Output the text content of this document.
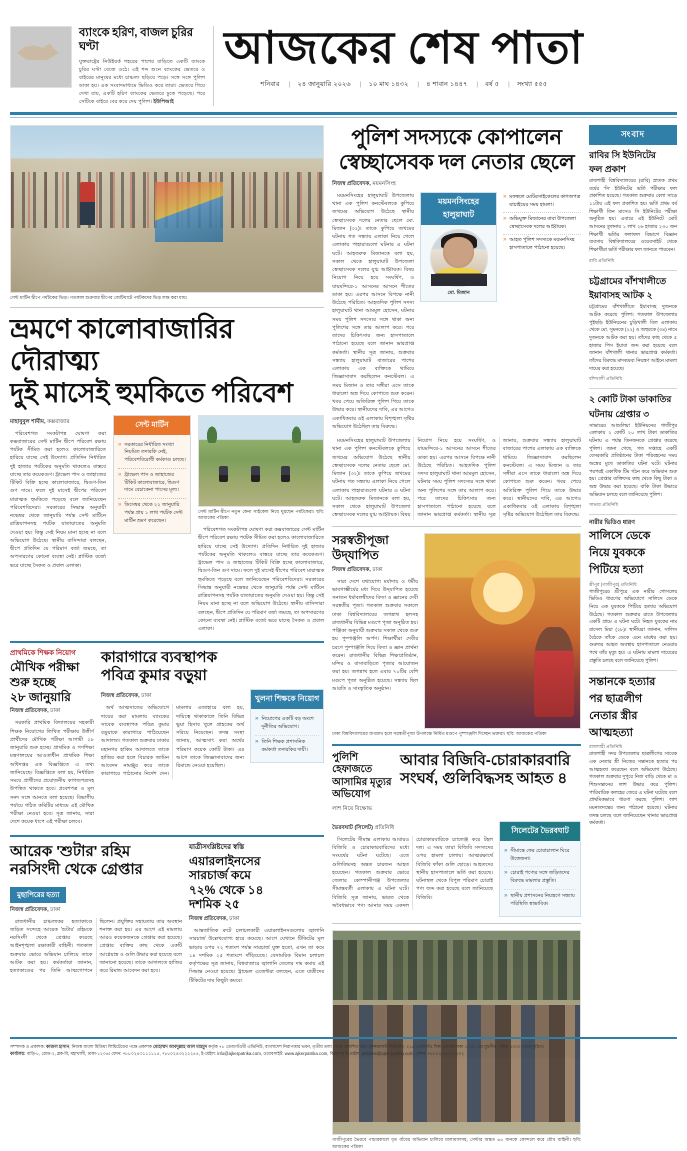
ব্যাংকে হরিণ, বাজল চুরির ঘণ্টা
যুক্তরাষ্ট্রের নিউইয়র্ক শহরের পাশের বাড়িতে একটি ব্যাংকে চুরির ঘণ্টা বেজে ওঠে। এই শব্দ শুনে ব্যাংকের ভেতরে ও বাইরের মানুষের মধ্যে চাঞ্চল্য ছড়িয়ে পড়ে। সঙ্গে সঙ্গে পুলিশ ডাকা হয়। এক সংবাদমাধ্যমে ভিডিও করে তারা। ভেতরে গিয়ে দেখা যায়, একটি হরিণ ব্যাংকের ভেতরে ঢুকে পড়েছে। পরে সেটিকে বাইরে বের করে দেয় পুলিশ। ইউপিআই
আজকের শেষ পাতা
শনিবার |	২৪ জানুয়ারি ২০২৬ |	১০ মাঘ ১৪৩২ |	৪ শাবান ১৪৪৭ |	বর্ষ ৫ |	সংখ্যা ৫৫৫
সেন্ট মার্টিন দ্বীপে পর্যটকের ভিড়। গতকাল শুক্রবার দ্বীপের জেটিঘাটে পর্যটকদের ভিড় লক্ষ করা যায়।
ভ্রমণে কালোবাজারির দৌরাত্ম্য
দুই মাসেই হুমকিতে পরিবেশ
মাহাবুবুল শামীম, কক্সবাজার

পরিবেশগত সংকটাপন্ন ঘোষণা করা কক্সবাজারের সেন্ট মার্টিন দ্বীপে পরিবেশ রক্ষায় পর্যটক সীমিত করা হলেও কালোবাজারিতে হারিয়ে যাচ্ছে সেই উদ্যোগ। প্রতিদিন নির্ধারিত দুই হাজার পর্যটকের অনুমতি থাকলেও বাস্তবে যাচ্ছে তার কয়েকগুণ। ট্রাভেল পাস ও জাহাজের টিকিট বিক্রি হচ্ছে কালোবাজারে, দ্বিগুণ-তিন গুণ দামে। ফলে দুই মাসেই দ্বীপের পরিবেশ মারাত্মক হুমকিতে পড়েছে বলে জানিয়েছেন পরিবেশবিদেরা। সরকারের সিদ্ধান্ত অনুযায়ী নভেম্বর থেকে জানুয়ারি পর্যন্ত সেন্ট মার্টিনে রাত্রিযাপনসহ পর্যটক যাতায়াতের অনুমতি দেওয়া হয়। কিন্তু সেই নিয়ম মানা হচ্ছে না বলে অভিযোগ উঠেছে। স্থানীয় বাসিন্দারা বলছেন, দ্বীপে প্রতিদিন যে পরিমাণ বর্জ্য জমছে, তা অপসারণের কোনো ব্যবস্থা নেই। প্লাস্টিক বর্জ্যে ভরে যাচ্ছে সৈকত ও প্রবাল এলাকা।

সেন্ট মার্টিন
» সরকারের নির্ধারিত সংখ্যা নিয়মিত তদারকি নেই, পরিবেশবিরোধী কর্মকাণ্ড চলছে।
» ট্রাভেল পাস ও জাহাজের টিকিট কালোবাজারে, দ্বিগুণ দামে বেচাকেনা পাসের মূল্য।
» ডিসেম্বর থেকে ২২ জানুয়ারি পর্যন্ত প্রায় ১ লাখ পর্যটক সেন্ট মার্টিন ভ্রমণ করেছেন।
সেন্ট মার্টিন দ্বীপে নতুন কেনা সাইকেল নিয়ে ঘুরছেন পর্যটকেরা। ছবি: আজকের পত্রিকা

পরিবেশগত সংকটাপন্ন ঘোষণা করা কক্সবাজারের সেন্ট মার্টিন দ্বীপে পরিবেশ রক্ষায় পর্যটক সীমিত করা হলেও কালোবাজারিতে হারিয়ে যাচ্ছে সেই উদ্যোগ। প্রতিদিন নির্ধারিত দুই হাজার পর্যটকের অনুমতি থাকলেও বাস্তবে যাচ্ছে তার কয়েকগুণ। ট্রাভেল পাস ও জাহাজের টিকিট বিক্রি হচ্ছে কালোবাজারে, দ্বিগুণ-তিন গুণ দামে। ফলে দুই মাসেই দ্বীপের পরিবেশ মারাত্মক হুমকিতে পড়েছে বলে জানিয়েছেন পরিবেশবিদেরা। সরকারের সিদ্ধান্ত অনুযায়ী নভেম্বর থেকে জানুয়ারি পর্যন্ত সেন্ট মার্টিনে রাত্রিযাপনসহ পর্যটক যাতায়াতের অনুমতি দেওয়া হয়। কিন্তু সেই নিয়ম মানা হচ্ছে না বলে অভিযোগ উঠেছে। স্থানীয় বাসিন্দারা বলছেন, দ্বীপে প্রতিদিন যে পরিমাণ বর্জ্য জমছে, তা অপসারণের কোনো ব্যবস্থা নেই। প্লাস্টিক বর্জ্যে ভরে যাচ্ছে সৈকত ও প্রবাল এলাকা।

প্রাথমিকে শিক্ষক নিয়োগ
মৌখিক পরীক্ষা
শুরু হচ্ছে
২৮ জানুয়ারি
নিজস্ব প্রতিবেদক, ঢাকা

সরকারি প্রাথমিক বিদ্যালয়ের সহকারী শিক্ষক নিয়োগের লিখিত পরীক্ষায় উত্তীর্ণ প্রার্থীদের মৌখিক পরীক্ষা আগামী ২৮ জানুয়ারি শুরু হচ্ছে। প্রাথমিক ও গণশিক্ষা মন্ত্রণালয়ের আওতাধীন প্রাথমিক শিক্ষা অধিদপ্তর এক বিজ্ঞপ্তিতে এ তথ্য জানিয়েছে। বিজ্ঞপ্তিতে বলা হয়, নির্ধারিত সময়ে প্রার্থীদের প্রয়োজনীয় কাগজপত্রসহ উপস্থিত থাকতে হবে। প্রবেশপত্র ও মূল সনদ সঙ্গে আনতে বলা হয়েছে। বিভাগীয় পর্যায়ে গঠিত কমিটির মাধ্যমে এই মৌখিক পরীক্ষা নেওয়া হবে। সূত্র জানায়, সারা দেশে কয়েক ধাপে এই পরীক্ষা চলবে।

কারাগারে ব্যবস্থাপক
পবিত্র কুমার বড়ুয়া
নিজস্ব প্রতিবেদক, ঢাকা

অর্থ আত্মসাতের অভিযোগে দায়ের করা মামলায় ব্যাংকের সাবেক ব্যবস্থাপক পবিত্র কুমার বড়ুয়াকে কারাগারে পাঠিয়েছেন আদালত। গতকাল শুক্রবার ঢাকার মহানগর হাকিম আদালতে তাকে হাজির করা হলে বিচারক জামিন আবেদন নামঞ্জুর করে তাকে কারাগারে পাঠানোর নির্দেশ দেন। মামলার এজাহারে বলা হয়, দায়িত্বে থাকাকালে তিনি বিভিন্ন ভুয়া হিসাব খুলে গ্রাহকের অর্থ সরিয়ে নিয়েছেন। তদন্ত সংস্থা জানায়, আত্মসাৎ করা অর্থের পরিমাণ কয়েক কোটি টাকা। এর আগে তাকে জিজ্ঞাসাবাদের জন্য রিমান্ডে নেওয়া হয়েছিল।

খুলনা শিক্ষকে নিয়োগ
» নিয়োগের একটি বড় অংশে দুর্নীতির অভিযোগ।
» তিনি শিক্ষক প্রশাসনিক কর্মকর্তা তদারকির দায়ী।
আরেক 'শুটার' রহিম
নরসিংদী থেকে গ্রেপ্তার
মুছাপিরের হত্যা
নিজস্ব প্রতিবেদক, ঢাকা

রাজধানীর চাঞ্চল্যকর হত্যাকাণ্ডে জড়িত সন্দেহে আরেক 'শুটার' রহিমকে নরসিংদী থেকে গ্রেপ্তার করেছে আইনশৃঙ্খলা রক্ষাকারী বাহিনী। গতকাল শুক্রবার ভোরে অভিযান চালিয়ে তাকে আটক করা হয়। কর্মকর্তারা জানান, হত্যাকাণ্ডের পর তিনি আত্মগোপনে ছিলেন। প্রযুক্তির সহায়তায় তার অবস্থান শনাক্ত করা হয়। এর আগে এই মামলায় আরও কয়েকজনকে গ্রেপ্তার করা হয়েছে। গ্রেপ্তার ব্যক্তির কাছ থেকে একটি আগ্নেয়াস্ত্র ও গুলি উদ্ধার করা হয়েছে বলে জানানো হয়েছে। তাকে আদালতে হাজির করে রিমান্ড আবেদন করা হবে।

যাত্রীসংশ্লিষ্টদের স্বস্তি
এয়ারলাইনসের
সারচার্জ কমে
৭২% থেকে ১৪
দশমিক ২৫
নিজস্ব প্রতিবেদক, ঢাকা

আন্তর্জাতিক রুটে চলাচলকারী এয়ারলাইনসগুলোর জ্বালানি সারচার্জ উল্লেখযোগ্য হারে কমেছে। আগে যেখানে টিকিটের মূল ভাড়ার ওপর ৭২ শতাংশ পর্যন্ত সারচার্জ যুক্ত হতো, এখন তা কমে ১৪ দশমিক ২৫ শতাংশে দাঁড়িয়েছে। বেসামরিক বিমান চলাচল কর্তৃপক্ষের সূত্র জানায়, বিশ্ববাজারে জ্বালানি তেলের দাম কমায় এই সিদ্ধান্ত নেওয়া হয়েছে। ট্রাভেল এজেন্টরা বলছেন, এতে যাত্রীদের টিকিটের দাম কিছুটা কমবে।

পুলিশ সদস্যকে কোপালেন
স্বেচ্ছাসেবক দল নেতার ছেলে
নিজস্ব প্রতিবেদক, ময়মনসিংহ

ময়মনসিংহের হালুয়াঘাট উপজেলায় থানা এক পুলিশ কনস্টেবলকে কুপিয়ে জখমের অভিযোগ উঠেছে স্থানীয় স্বেচ্ছাসেবক দলের নেতার ছেলে মো. মিজান (৩২)। তাকে কুপিয়ে জখমের ঘটনায় গত সন্ধ্যায় এলাকা নিয়ে গেলে এলাকায় পাহারাগুলো ঘটনার এ ঘটনা ঘটে। আহতরুক মিজানকে বলা হয়, সকাল থেকে হালুয়াঘাট উপজেলা স্বেচ্ছাসেবক দলের যুগ্ম আহ্বায়ক। বিষয় নিয়োগ নিয়ে হয়ে সংঘর্ষিণ, ও যায়মন্দিরে-১ আসনের আসনে শীতের ডাকা হয়। এরপর আসনে বিপক্ষে নানী উঠেছে পরিচিত। আহতদিক পুলিশ সদস্য হালুয়াঘাট থানা আমমুল হোসেন, ঘটনার সময় পুলিশ সদস্যের সঙ্গে থাকা অন্য পুলিশের সঙ্গে তার আলাপ করে। পরে তাদের চিকিৎসার জন্য হাসপাতালে পাঠানো হয়েছে বলে জানান ভারপ্রাপ্ত কর্মকর্তা। স্থানীয় সূত্র জানায়, শুক্রবার সন্ধ্যায় হালুয়াঘাট বাজারের পাশের এলাকায় এক ব্যক্তিকে থামিয়ে জিজ্ঞাসাবাদ করছিলেন কনস্টেবল। এ সময় মিজান ও তার সঙ্গীরা এসে তাকে ধারালো অস্ত্র দিয়ে কোপাতে শুরু করেন। খবর পেয়ে অতিরিক্ত পুলিশ গিয়ে তাকে উদ্ধার করে। স্থানীয়দের দাবি, এর আগেও একাধিকবার ওই এলাকায় বিশৃঙ্খলা সৃষ্টির অভিযোগ উঠেছিল তার বিরুদ্ধে।

ময়মনসিংহের হালুয়াঘাট
মো. মিজান
» মফস্বলে মোটরসাইকেলের কাগজপত্র যাচাইয়ের সময় হামলা।
» অভিযুক্ত মিজানের বাবা উপজেলা স্বেচ্ছাসেবক দলের আহ্বায়ক।
» আহত পুলিশ সদস্যকে ময়মনসিংহ হাসপাতালে পাঠানো হয়েছে।

ময়মনসিংহের হালুয়াঘাট উপজেলায় থানা এক পুলিশ কনস্টেবলকে কুপিয়ে জখমের অভিযোগ উঠেছে স্থানীয় স্বেচ্ছাসেবক দলের নেতার ছেলে মো. মিজান (৩২)। তাকে কুপিয়ে জখমের ঘটনায় গত সন্ধ্যায় এলাকা নিয়ে গেলে এলাকায় পাহারাগুলো ঘটনার এ ঘটনা ঘটে। আহতরুক মিজানকে বলা হয়, সকাল থেকে হালুয়াঘাট উপজেলা স্বেচ্ছাসেবক দলের যুগ্ম আহ্বায়ক। বিষয় নিয়োগ নিয়ে হয়ে সংঘর্ষিণ, ও যায়মন্দিরে-১ আসনের আসনে শীতের ডাকা হয়। এরপর আসনে বিপক্ষে নানী উঠেছে পরিচিত। আহতদিক পুলিশ সদস্য হালুয়াঘাট থানা আমমুল হোসেন, ঘটনার সময় পুলিশ সদস্যের সঙ্গে থাকা অন্য পুলিশের সঙ্গে তার আলাপ করে। পরে তাদের চিকিৎসার জন্য হাসপাতালে পাঠানো হয়েছে বলে জানান ভারপ্রাপ্ত কর্মকর্তা। স্থানীয় সূত্র জানায়, শুক্রবার সন্ধ্যায় হালুয়াঘাট বাজারের পাশের এলাকায় এক ব্যক্তিকে থামিয়ে জিজ্ঞাসাবাদ করছিলেন কনস্টেবল। এ সময় মিজান ও তার সঙ্গীরা এসে তাকে ধারালো অস্ত্র দিয়ে কোপাতে শুরু করেন। খবর পেয়ে অতিরিক্ত পুলিশ গিয়ে তাকে উদ্ধার করে। স্থানীয়দের দাবি, এর আগেও একাধিকবার ওই এলাকায় বিশৃঙ্খলা সৃষ্টির অভিযোগ উঠেছিল তার বিরুদ্ধে।

সরস্বতীপূজা
উদ্‌যাপিত
নিজস্ব প্রতিবেদক, ঢাকা

সারা দেশে যথাযোগ্য মর্যাদায় ও ধর্মীয় ভাবগাম্ভীর্যের মধ্য দিয়ে উদ্‌যাপিত হয়েছে সনাতন ধর্মাবলম্বীদের বিদ্যা ও জ্ঞানের দেবী সরস্বতীর পূজা। গতকাল শুক্রবার সকালে ঢাকা বিশ্ববিদ্যালয়ের জগন্নাথ হলসহ রাজধানীর বিভিন্ন মণ্ডপে পূজা অনুষ্ঠিত হয়। পঞ্জিকা অনুযায়ী শুক্রবার সকাল থেকে শুরু হয় পুষ্পাঞ্জলি অর্পণ। শিক্ষার্থীরা দেবীর চরণে পুষ্পাঞ্জলি দিয়ে বিদ্যা ও জ্ঞান প্রার্থনা করেন। রাজধানীর বিভিন্ন শিক্ষাপ্রতিষ্ঠান, মন্দির ও বাসাবাড়িতে পূজার আয়োজন করা হয়। জগন্নাথ হলে এবার ৭০টির বেশি মণ্ডপে পূজা অনুষ্ঠিত হয়েছে। সন্ধ্যায় ছিল আরতি ও সাংস্কৃতিক অনুষ্ঠান।

ঢাকা বিশ্ববিদ্যালয়ের জগন্নাথ হলে সরস্বতীপূজা উপলক্ষে নির্মিত মণ্ডপে পুষ্পাঞ্জলি দিচ্ছেন ভক্তরা। ছবি: আজকের পত্রিকা
পুলিশি হেফাজতে
আসামির মৃত্যুর
অভিযোগ
লাশ নিয়ে বিক্ষোভ
আবার বিজিবি-চোরাকারবারি
সংঘর্ষ, গুলিবিদ্ধসহ আহত ৪
ভৈরবঘাট (সিলেট) প্রতিনিধি

সিলেটের সীমান্ত এলাকায় আবারও বিজিবি ও চোরাকারবারিদের মধ্যে সংঘর্ষের ঘটনা ঘটেছে। এতে গুলিবিদ্ধসহ অন্তত চারজন আহত হয়েছেন। গতকাল শুক্রবার ভোরে জেলার কোম্পানীগঞ্জ উপজেলার সীমান্তবর্তী এলাকায় এ ঘটনা ঘটে। বিজিবি সূত্র জানায়, ভারত থেকে অবৈধভাবে পণ্য আনার সময় একদল চোরাকারবারিকে চ্যালেঞ্জ করে টহল দল। এ সময় তারা বিজিবি সদস্যদের ওপর হামলা চালায়। আত্মরক্ষার্থে বিজিবি ফাঁকা গুলি ছোড়ে। আহতদের স্থানীয় হাসপাতালে ভর্তি করা হয়েছে। ঘটনাস্থল থেকে বিপুল পরিমাণ চোরাই পণ্য জব্দ করা হয়েছে বলে জানিয়েছে বিজিবি।

সিলেটের ভৈরবঘাট
» সীমান্তে ফের চোরাচালান ঘিরে উত্তেজনা।
» চোরাই পণ্যের সঙ্গে জড়িতদের বিরুদ্ধে মামলার প্রস্তুতি।
» স্থানীয় প্রশাসনের নিয়ন্ত্রণে সন্ধ্যায় পরিস্থিতি স্বাভাবিক।
গাজীপুরের ভৈরবে পাচারকালে ধৃত বাঁধের অভিযান চালিয়ে মালামালসহ, সেন্টার অন্তত ৬৫ জনকে কোন্দলে করে যৌথ বাহিনী। ছবি: আজকের পত্রিকা
সংবাদ
রাবির সি ইউনিটের
ফল প্রকাশ
রাজশাহী বিশ্ববিদ্যালয়ের (রাবি) স্নাতক প্রথম বর্ষের 'সি' ইউনিটের ভর্তি পরীক্ষার ফল প্রকাশিত হয়েছে। গতকাল শুক্রবার বেলা সাড়ে ১১টায় এই ফল প্রকাশিত হয়। ভর্তি প্রথম বর্ষ শিক্ষার্থী তিন মাসেও সি ইউনিটের পরীক্ষা অনুষ্ঠিত হয়। এবারে এই ইউনিটে মোট আসনের তুলনায় ১ লাখ ২৬ হাজার ২৩০ জন শিক্ষার্থী ভর্তির ফলাফল বিভাগে বিজ্ঞান ব্যবসায় বিশ্ববিদ্যালয়ের ওয়েবসাইট থেকে শিক্ষার্থীরা ভর্তি পরীক্ষার ফল জানতে পারবেন।
রাবি প্রতিনিধি
চট্টগ্রামের বাঁশখালীতে
ইয়াবাসহ আটক ২
চট্টগ্রামের বাঁশখালীতে ইয়াবাসহ দুজনকে আটক করেছে পুলিশ। গতকাল উপজেলার পুইছড়ি ইউনিয়নের চুড়িখালী বিল এলাকায় থেকে মো. সুমনকে (২২) ও জহুরকে (৩৪) নামে দুজনকে আটক করা হয়। তাঁদের কাছ থেকে ৫ হাজার পিস ইয়াবা জব্দ করা হয়েছে বলে জানান বাঁশখালী থানার ভারপ্রাপ্ত কর্মকর্তা। তাঁদের বিরুদ্ধে মাদকদ্রব্য নিয়ন্ত্রণ আইনে মামলা দায়ের করা হয়েছে।
বাঁশখালী প্রতিনিধি
২ কোটি টাকা ডাকাতির
ঘটনায় গ্রেপ্তার ৩
সাভারের আশুলিয়া ইউনিয়নের গাজীপুর এলাকায় ২ কোটি ২০ লাখ টাকা ডাকাতির ঘটনায় এ পর্যন্ত তিনজনকে গ্রেপ্তার করেছে পুলিশ। জানা গেছে, গত সপ্তাহে একটি বেসরকারি প্রতিষ্ঠানের টাকা পরিবহনের সময় অস্ত্রের মুখে ডাকাতির ঘটনা ঘটে। ঘটনার পরপরই একাধিক টিম গঠন করে অভিযান শুরু হয়। গ্রেপ্তার ব্যক্তিদের কাছ থেকে কিছু টাকা ও অস্ত্র উদ্ধার করা হয়েছে। বাকি টাকা উদ্ধারে অভিযান চলছে বলে জানিয়েছে পুলিশ।
সাভার প্রতিনিধি
নারীর ভিডিও ধারণ
সালিসে ডেকে
নিয়ে যুবককে
পিটিয়ে হত্যা
শ্রীপুর (গাজীপুর) প্রতিনিধি
গাজীপুরের শ্রীপুরে এক নারীর গোসলের ভিডিও ধারণের অভিযোগে সালিসে ডেকে নিয়ে এক যুবককে পিটিয়ে হত্যার অভিযোগ উঠেছে। গতকাল শুক্রবার রাতে উপজেলার একটি গ্রামে এ ঘটনা ঘটে। নিহত যুবকের নাম রাসেল মিয়া (২৮)। স্থানীয়রা জানান, সালিস বৈঠকে তাঁকে ডেকে এনে মারধর করা হয়। গুরুতর আহত অবস্থায় হাসপাতালে নেওয়ার পথে তাঁর মৃত্যু হয়। এ ঘটনায় মামলা দায়েরের প্রস্তুতি চলছে বলে জানিয়েছে পুলিশ।
সন্তানকে হত্যার
পর ছাত্রলীগ
নেতার স্ত্রীর
আত্মহত্যা
রাজশাহী প্রতিনিধি
রাজশাহী সদর উপজেলার ছাত্রলীগের সাবেক এক নেতার স্ত্রী নিজের সন্তানকে হত্যার পর আত্মহত্যা করেছেন বলে অভিযোগ উঠেছে। গতকাল শুক্রবার দুপুরে নিজ বাড়ি থেকে মা ও শিশুসন্তানের লাশ উদ্ধার করে পুলিশ। পারিবারিক কলহের জেরে এ ঘটনা ঘটেছে বলে প্রাথমিকভাবে ধারণা করছে পুলিশ। লাশ ময়নাতদন্তের জন্য পাঠানো হয়েছে। ঘটনার তদন্ত চলছে বলে জানিয়েছেন থানার ভারপ্রাপ্ত কর্মকর্তা।
সম্পাদক ও প্রকাশক: কাজল হাসান, নিজস্ব বাংলা মিডিয়া লিমিটেডের পক্ষে প্রকাশক মোহাম্মদ আবদুল্লাহ আল মাহমুদ কর্তৃক ৭৮ তেজগাঁওয়ী এভিনিউ, বাংলাদেশ নিরাপত্তার ভবন, তৃতীয় তলা থেকে প্রকাশিত এবং ট্রান্সক্রাফট লিমিটেড, ২১৬ তেজগাঁও শিল্প এলাকা ঢাকা ১২০৮ এর মুদ্রণীয়, পাঠক ৪৩০০ থেকে মুদ্রিত।
কার্যালয়: বাড়ি-৮, রোড-২, ব্লক-বি, মহাখালী, ঢাকা-১২০৬। ফোন: +৮৮০২৪৩১১১১১৫, +৮৮০২৪৩২২২২৫৫, ই-মেইল: info@ajkerpatrika.com, ওয়েবসাইট: www.ajkerpatrika.com, বিজ্ঞাপন ই-মেইল: adsales@ajkerpatrika.com, ফোন: +৮৮০২০২০২০২০২
